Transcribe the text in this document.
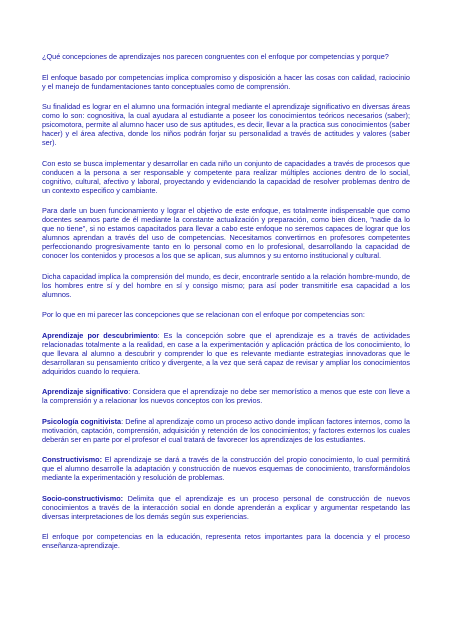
¿Qué concepciones de aprendizajes nos parecen congruentes con el enfoque por competencias y porque?

El enfoque basado por competencias implica compromiso y disposición a hacer las cosas con calidad, raciocinio y el manejo de fundamentaciones tanto conceptuales como de comprensión.

Su finalidad es lograr en el alumno una formación integral mediante el aprendizaje significativo en diversas áreas como lo son: cognositiva, la cual ayudara al estudiante a poseer los conocimientos teóricos necesarios (saber); psicomotora, permite al alumno hacer uso de sus aptitudes, es decir, llevar a la practica sus conocimientos (saber hacer) y el área afectiva, donde los niños podrán forjar su personalidad a través de actitudes y valores (saber ser).

Con esto se busca implementar y desarrollar en cada niño un conjunto de capacidades a través de procesos que conducen a la persona a ser responsable y competente para realizar múltiples acciones dentro de lo social, cognitivo, cultural, afectivo y laboral, proyectando y evidenciando la capacidad de resolver problemas dentro de un contexto especifico y cambiante.

Para darle un buen funcionamiento y lograr el objetivo de este enfoque, es totalmente indispensable que como docentes seamos parte de él mediante la constante actualización y preparación, como bien dicen, "nadie da lo que no tiene", si no estamos capacitados para llevar a cabo este enfoque no seremos capaces de lograr que los alumnos aprendan a través del uso de competencias. Necesitamos convertirnos en profesores competentes perfeccionando progresivamente tanto en lo personal como en lo profesional, desarrollando la capacidad de conocer los contenidos y procesos a los que se aplican, sus alumnos y su entorno institucional y cultural.

Dicha capacidad implica la comprensión del mundo, es decir, encontrarle sentido a la relación hombre-mundo, de los hombres entre sí y del hombre en sí y consigo mismo; para así poder transmitirle esa capacidad a los alumnos.

Por lo que en mi parecer las concepciones que se relacionan con el enfoque por competencias son:

Aprendizaje por descubrimiento: Es la concepción sobre que el aprendizaje es a través de actividades relacionadas totalmente a la realidad, en case a la experimentación y aplicación práctica de los conocimiento, lo que llevara al alumno a descubrir y comprender lo que es relevante mediante estrategias innovadoras que le desarrollaran su pensamiento crítico y divergente, a la vez que será capaz de revisar y ampliar los conocimientos adquiridos cuando lo requiera.

Aprendizaje significativo: Considera que el aprendizaje no debe ser memorístico a menos que este con lleve a la comprensión y a relacionar los nuevos conceptos con los previos.

Psicología cognitivista: Define al aprendizaje como un proceso activo donde implican factores internos, como la motivación, captación, comprensión, adquisición y retención de los conocimientos; y factores externos los cuales deberán ser en parte por el profesor el cual tratará de favorecer los aprendizajes de los estudiantes.

Constructivismo: El aprendizaje se dará a través de la construcción del propio conocimiento, lo cual permitirá que el alumno desarrolle la adaptación y construcción de nuevos esquemas de conocimiento, transformándolos mediante la experimentación y resolución de problemas.

Socio-constructivismo: Delimita que el aprendizaje es un proceso personal de construcción de nuevos conocimientos a través de la interacción social en donde aprenderán a explicar y argumentar respetando las diversas interpretaciones de los demás según sus experiencias.

El enfoque por competencias en la educación, representa retos importantes para la docencia y el proceso enseñanza-aprendizaje.
